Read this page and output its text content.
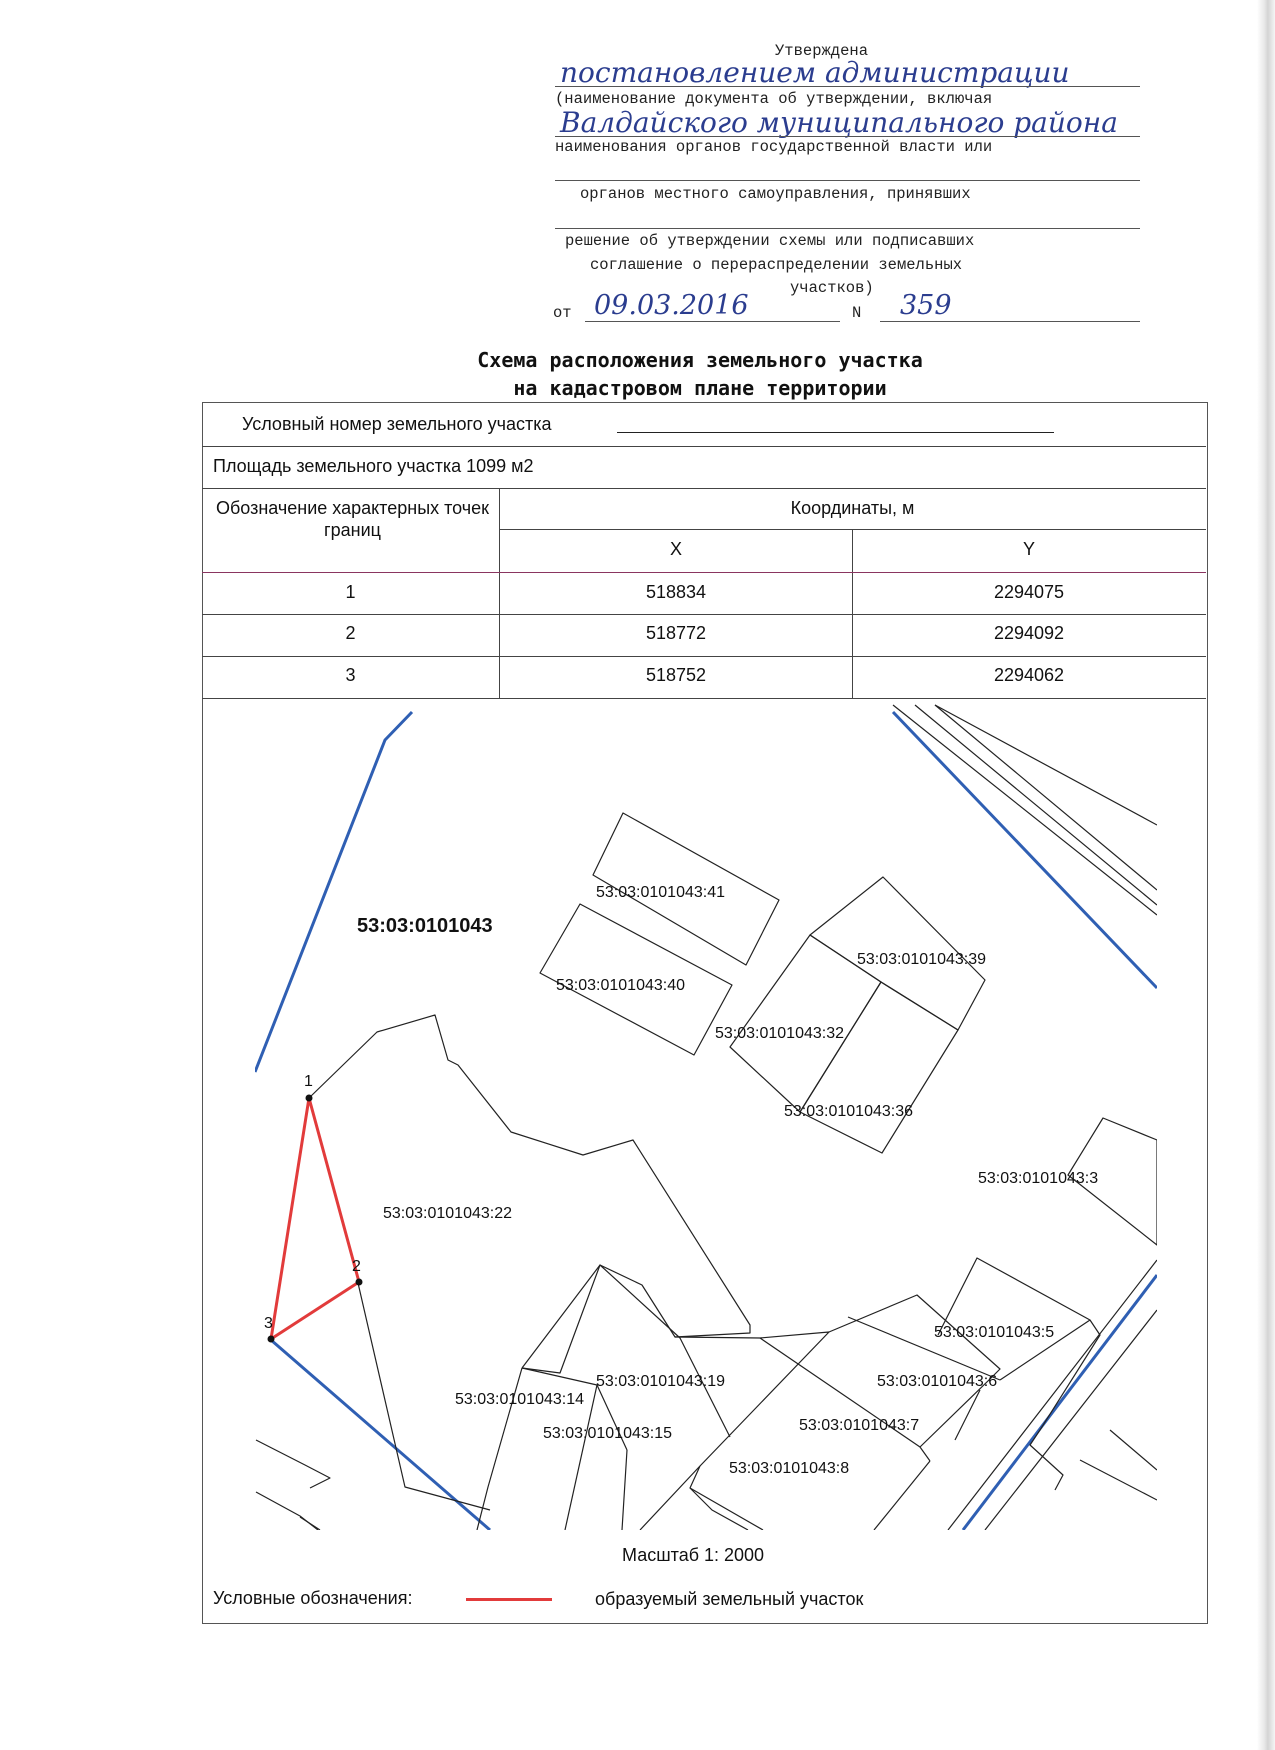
Утверждена
постановлением администрации
(наименование документа об утверждении, включая
Валдайского муниципального района
наименования органов государственной власти или
органов местного самоуправления, принявших
решение об утверждении схемы или подписавших
соглашение о перераспределении земельных
участков)
от 09.03.2016	N 359
Схема расположения земельного участка
на кадастровом плане территории
Условный номер земельного участка
Площадь земельного участка 1099 м2
Обозначение характерных точек границ
Координаты, м
X	Y
1	518834	2294075
2	518772	2294092
3	518752	2294062
1
2
3
53:03:0101043
53:03:0101043:41
53:03:0101043:40
53:03:0101043:39
53:03:0101043:32
53:03:0101043:36
53:03:0101043:3
53:03:0101043:22
53:03:0101043:5
53:03:0101043:19	53:03:0101043:6
53:03:0101043:14
53:03:0101043:15	53:03:0101043:7
53:03:0101043:8
Масштаб 1: 2000
Условные обозначения:	образуемый земельный участок
